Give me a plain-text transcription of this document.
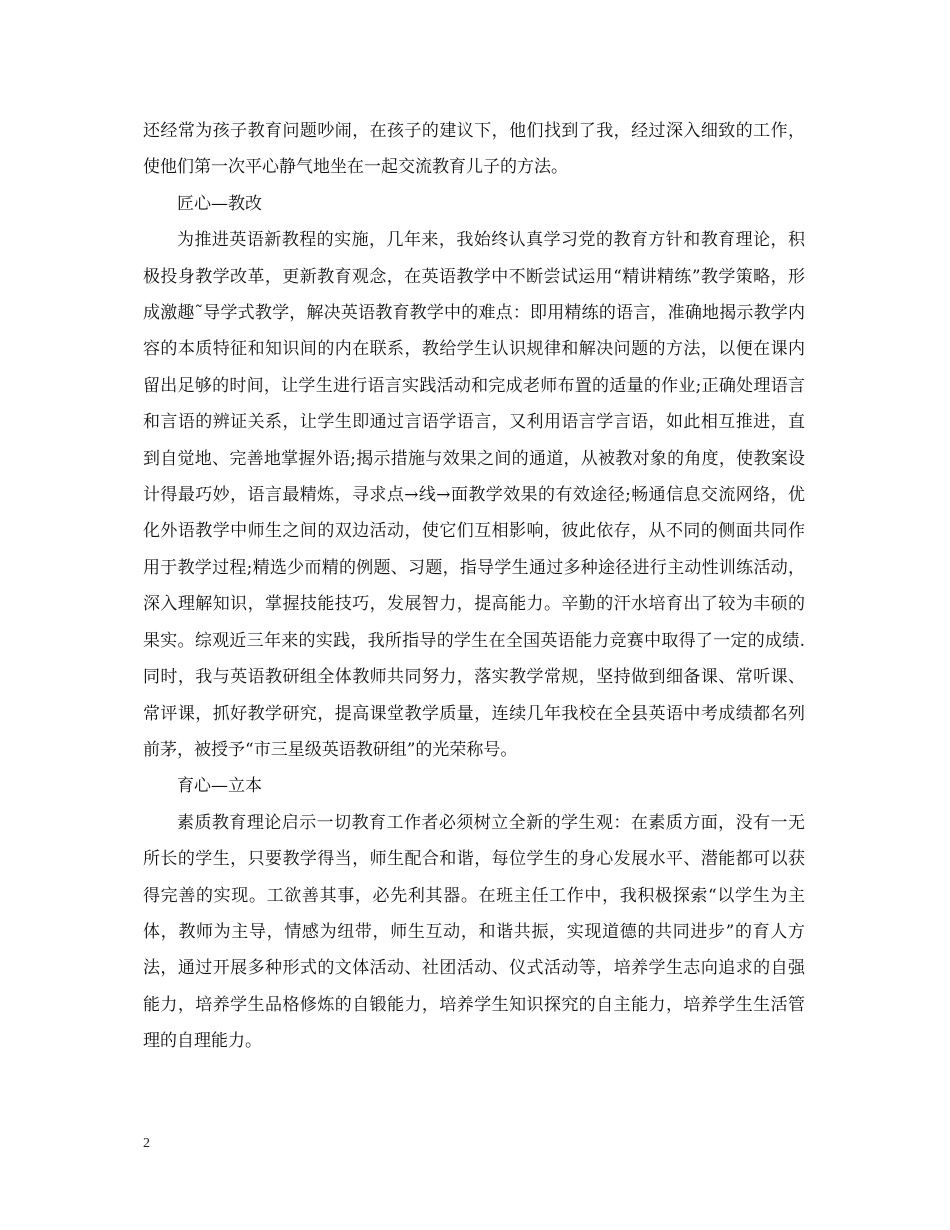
还经常为孩子教育问题吵闹，在孩子的建议下，他们找到了我，经过深入细致的工作，使他们第一次平心静气地坐在一起交流教育儿子的方法。

匠心—教改

为推进英语新教程的实施，几年来，我始终认真学习党的教育方针和教育理论，积极投身教学改革，更新教育观念，在英语教学中不断尝试运用“精讲精练”教学策略，形成激趣˜导学式教学，解决英语教育教学中的难点：即用精练的语言，准确地揭示教学内容的本质特征和知识间的内在联系，教给学生认识规律和解决问题的方法，以便在课内留出足够的时间，让学生进行语言实践活动和完成老师布置的适量的作业;正确处理语言和言语的辨证关系，让学生即通过言语学语言，又利用语言学言语，如此相互推进，直到自觉地、完善地掌握外语;揭示措施与效果之间的通道，从被教对象的角度，使教案设计得最巧妙，语言最精炼，寻求点→线→面教学效果的有效途径;畅通信息交流网络，优化外语教学中师生之间的双边活动，使它们互相影响，彼此依存，从不同的侧面共同作用于教学过程;精选少而精的例题、习题，指导学生通过多种途径进行主动性训练活动，深入理解知识，掌握技能技巧，发展智力，提高能力。辛勤的汗水培育出了较为丰硕的果实。综观近三年来的实践，我所指导的学生在全国英语能力竞赛中取得了一定的成绩.同时，我与英语教研组全体教师共同努力，落实教学常规，坚持做到细备课、常听课、常评课，抓好教学研究，提高课堂教学质量，连续几年我校在全县英语中考成绩都名列前茅，被授予“市三星级英语教研组”的光荣称号。

育心—立本

素质教育理论启示一切教育工作者必须树立全新的学生观：在素质方面，没有一无所长的学生，只要教学得当，师生配合和谐，每位学生的身心发展水平、潜能都可以获得完善的实现。工欲善其事，必先利其器。在班主任工作中，我积极探索“以学生为主体，教师为主导，情感为纽带，师生互动，和谐共振，实现道德的共同进步”的育人方法，通过开展多种形式的文体活动、社团活动、仪式活动等，培养学生志向追求的自强能力，培养学生品格修炼的自锻能力，培养学生知识探究的自主能力，培养学生生活管理的自理能力。

2
